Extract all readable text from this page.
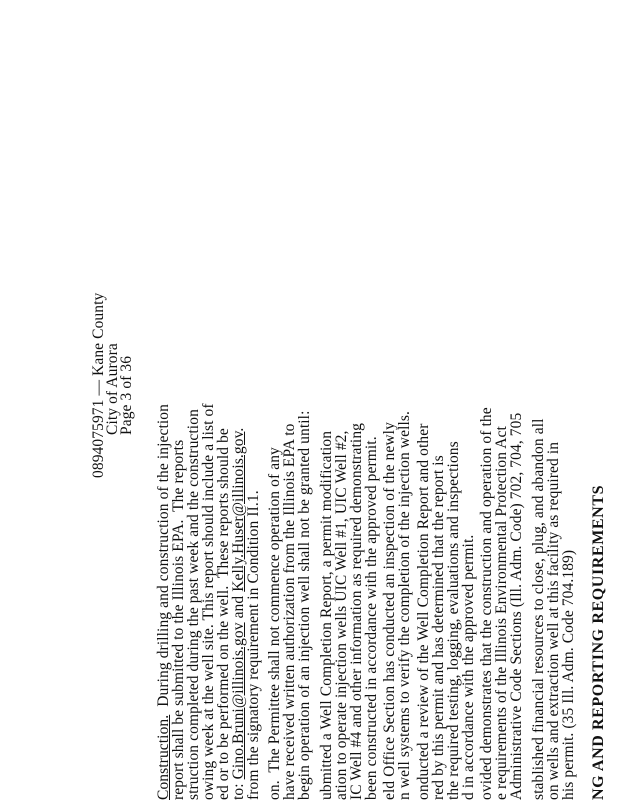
0894075971 — Kane County
City of Aurora
Page 3 of 36
Construction.  During drilling and construction of the injection
report shall be submitted to the Illinois EPA.  The reports
struction completed during the past week and the construction
owing week at the well site. This report should include a list of
ed or to be performed on the well.  These reports should be
to: Gino.Bruni@illinois.gov and Kelly.Huser@illinois.gov.
from the signatory requirement in Condition II.1. on.  The Permittee shall not commence operation of any
have received written authorization from the Illinois EPA to
begin operation of an injection well shall not be granted until: ubmitted a Well Completion Report, a permit modification
ation to operate injection wells UIC Well #1, UIC Well #2,
IC Well #4 and other information as required demonstrating
been constructed in accordance with the approved permit. eld Office Section has conducted an inspection of the newly
n well systems to verify the completion of the injection wells. onducted a review of the Well Completion Report and other
red by this permit and has determined that the report is
the required testing, logging, evaluations and inspections
d in accordance with the approved permit. ovided demonstrates that the construction and operation of the
e requirements of the Illinois Environmental Protection Act
Administrative Code Sections (Ill. Adm. Code) 702, 704, 705 stablished financial resources to close, plug, and abandon all
on wells and extraction well at this facility as required in
his permit. (35 Ill. Adm. Code 704.189) NG AND REPORTING REQUIREMENTS
